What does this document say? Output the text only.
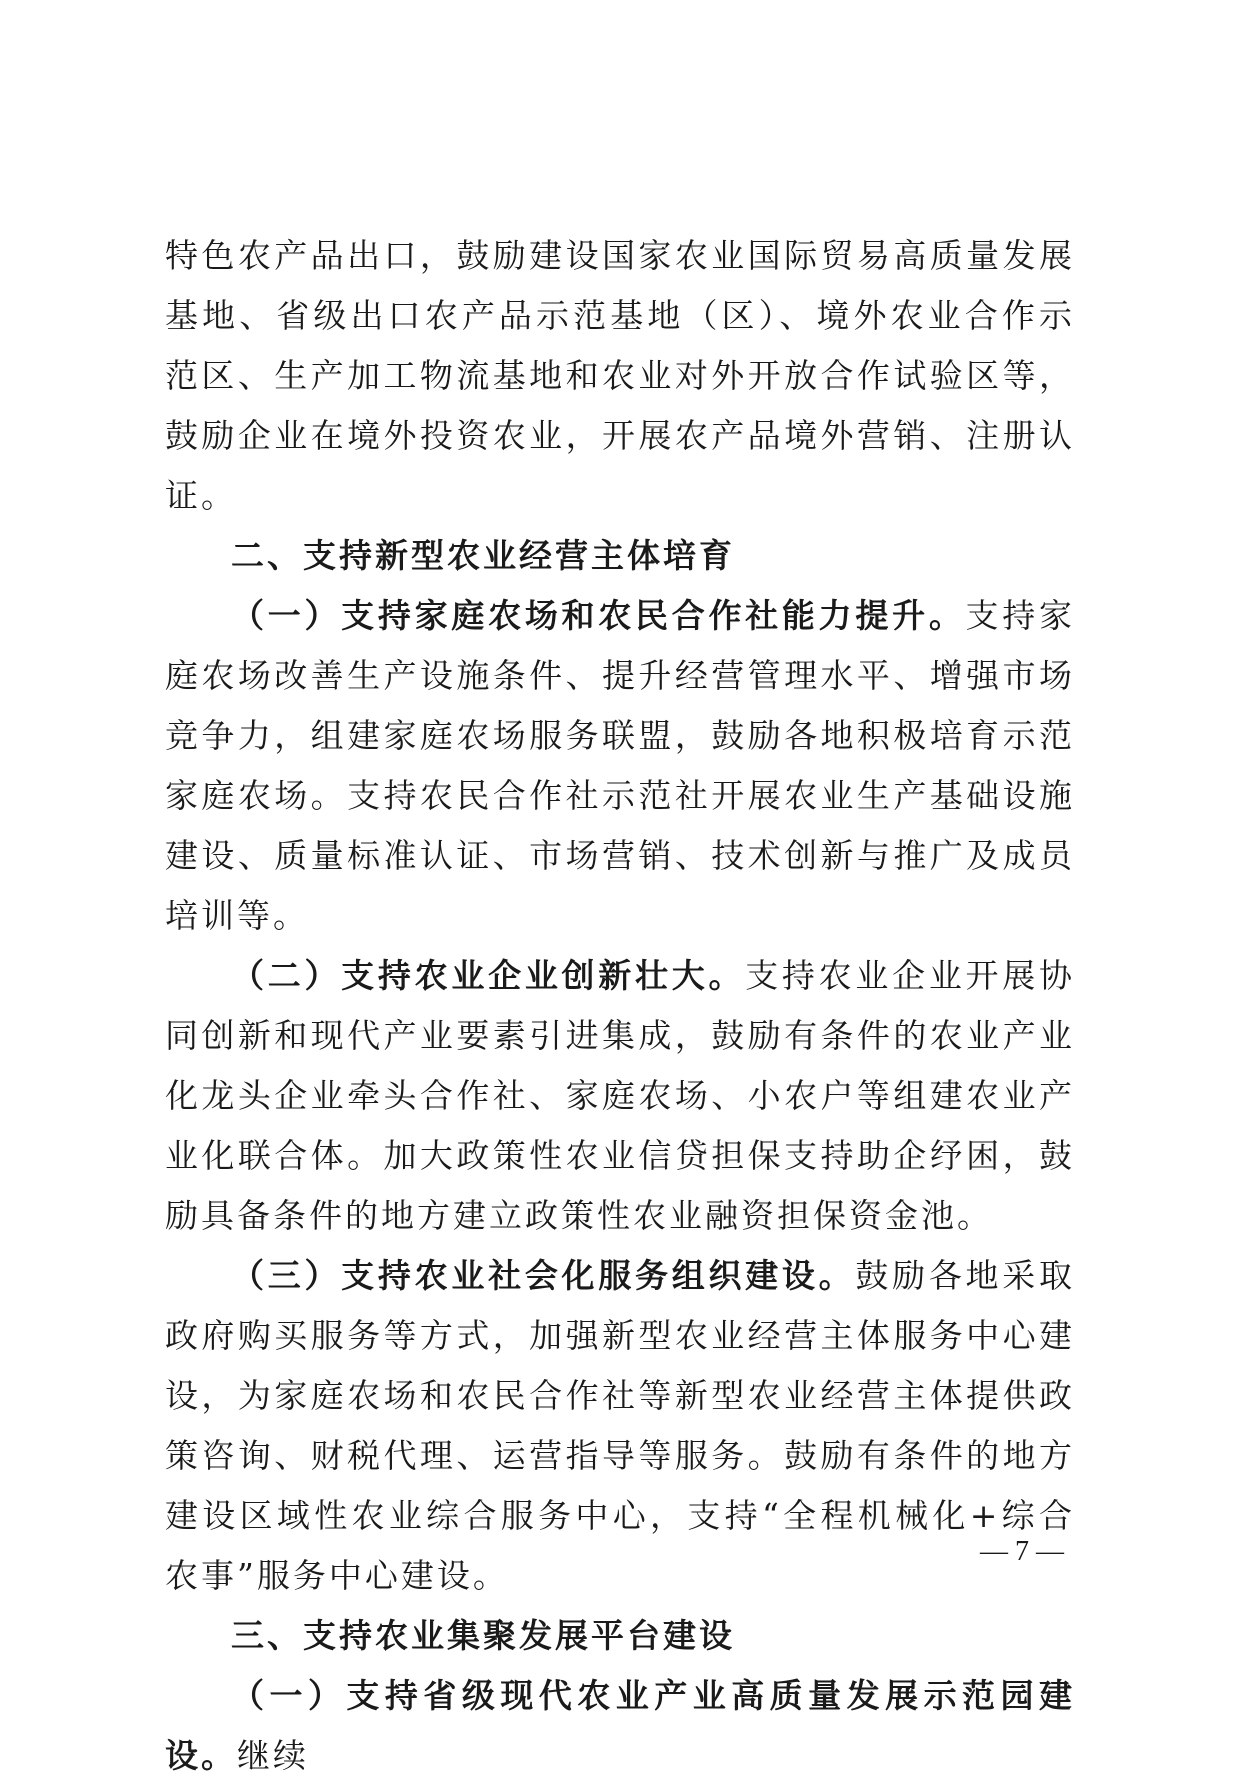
特色农产品出口，鼓励建设国家农业国际贸易高质量发展基地、省级出口农产品示范基地（区）、境外农业合作示范区、生产加工物流基地和农业对外开放合作试验区等，鼓励企业在境外投资农业，开展农产品境外营销、注册认证。

二、支持新型农业经营主体培育

（一）支持家庭农场和农民合作社能力提升。支持家庭农场改善生产设施条件、提升经营管理水平、增强市场竞争力，组建家庭农场服务联盟，鼓励各地积极培育示范家庭农场。支持农民合作社示范社开展农业生产基础设施建设、质量标准认证、市场营销、技术创新与推广及成员培训等。

（二）支持农业企业创新壮大。支持农业企业开展协同创新和现代产业要素引进集成，鼓励有条件的农业产业化龙头企业牵头合作社、家庭农场、小农户等组建农业产业化联合体。加大政策性农业信贷担保支持助企纾困，鼓励具备条件的地方建立政策性农业融资担保资金池。

（三）支持农业社会化服务组织建设。鼓励各地采取政府购买服务等方式，加强新型农业经营主体服务中心建设，为家庭农场和农民合作社等新型农业经营主体提供政策咨询、财税代理、运营指导等服务。鼓励有条件的地方建设区域性农业综合服务中心，支持“全程机械化+综合农事”服务中心建设。

三、支持农业集聚发展平台建设

（一）支持省级现代农业产业高质量发展示范园建设。继续

— 7 —
